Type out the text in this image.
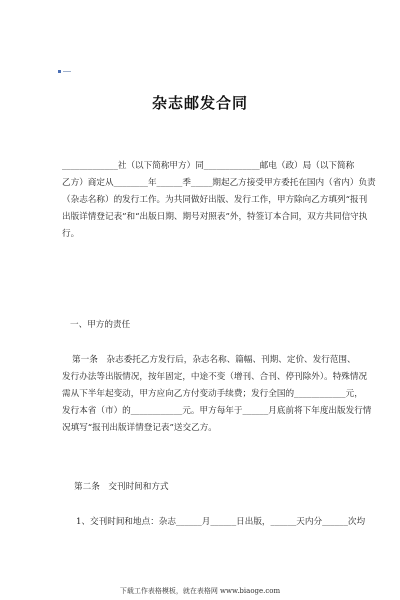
杂志邮发合同
_____________社（以下简称甲方）同_____________邮电（政）局（以下简称
乙方）商定从________年______季_____期起乙方接受甲方委托在国内（省内）负责
（杂志名称）的发行工作。为共同做好出版、发行工作，甲方除向乙方填列“报刊
出版详情登记表”和“出版日期、期号对照表”外，特签订本合同，双方共同信守执
行。
一、甲方的责任
第一条　杂志委托乙方发行后，杂志名称、篇幅、刊期、定价、发行范围、
发行办法等出版情况，按年固定，中途不变（增刊、合刊、停刊除外）。特殊情况
需从下半年起变动，甲方应向乙方付变动手续费；发行全国的____________元，
发行本省（市）的____________元。甲方每年于______月底前将下年度出版发行情
况填写“报刊出版详情登记表”送交乙方。
第二条　交刊时间和方式
1、交刊时间和地点：杂志______月______日出版，______天内分______次均
下载工作表格模板，就在表格网 www.biaoge.com
